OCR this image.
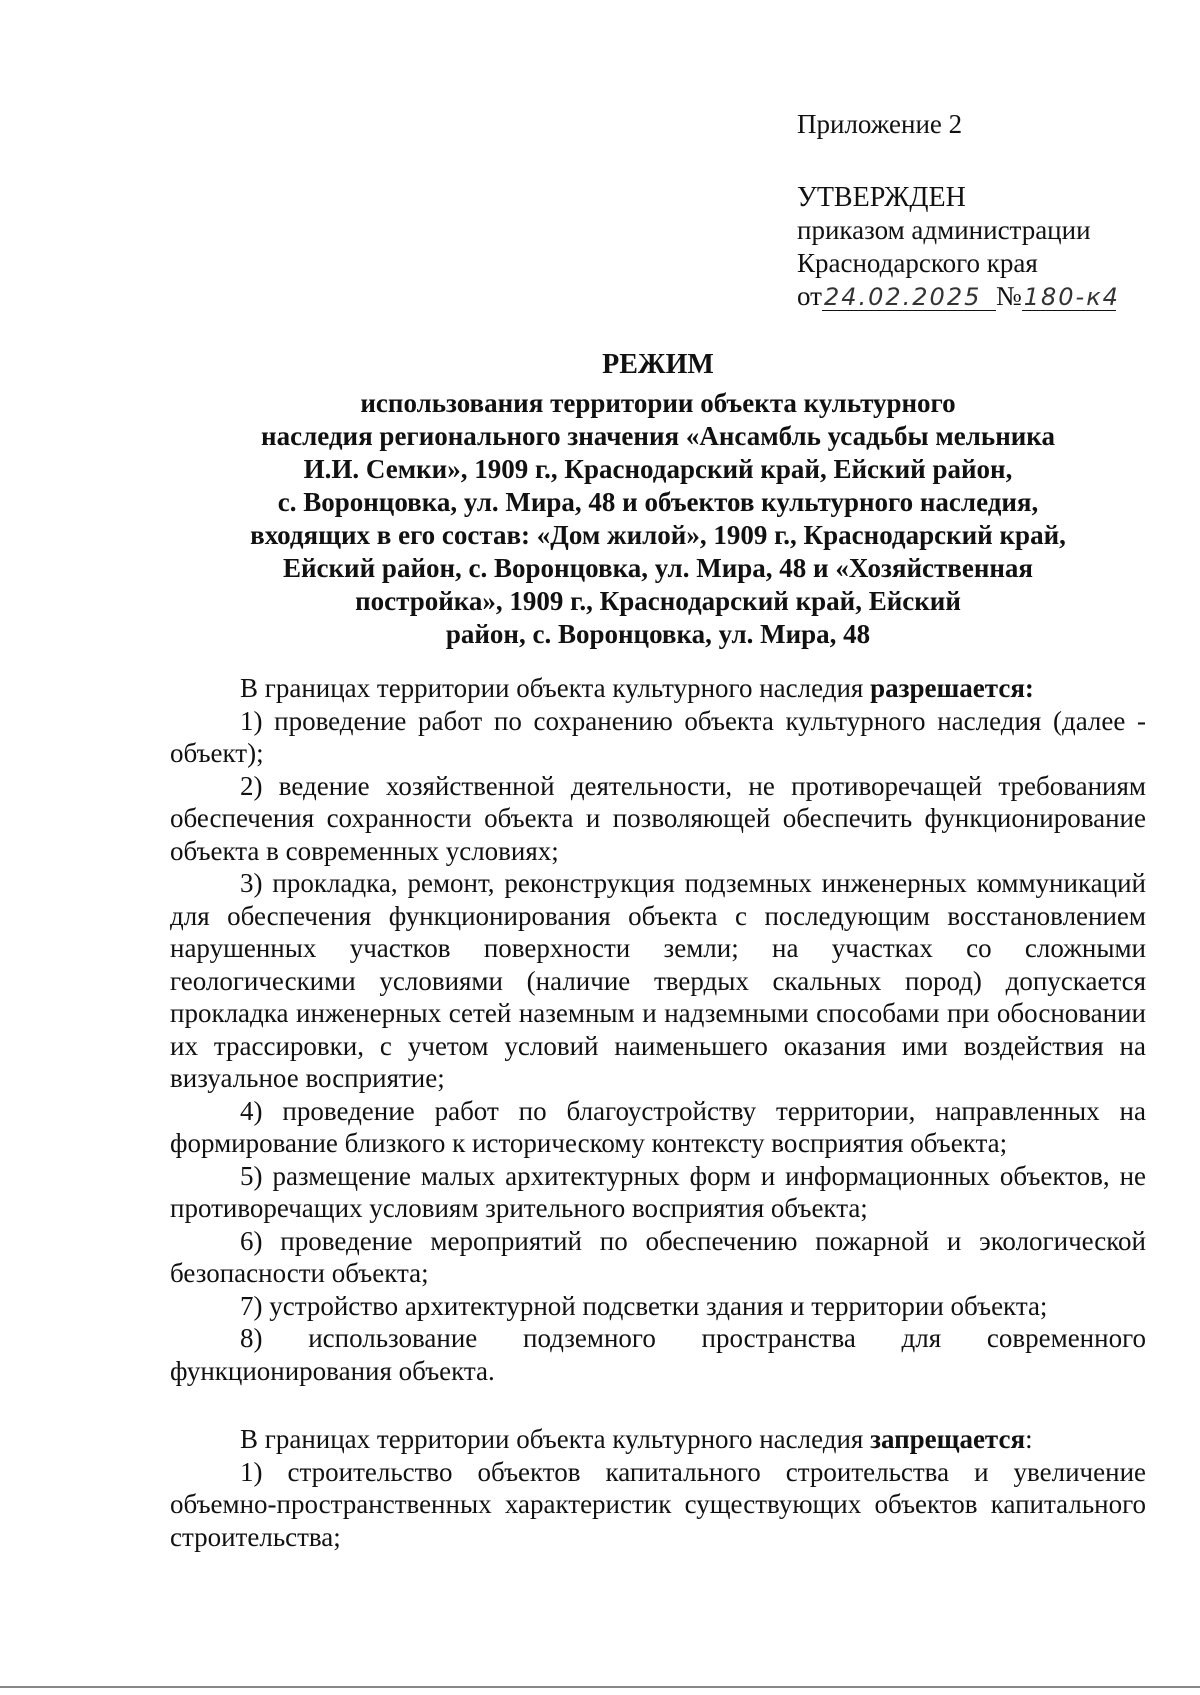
Приложение 2
УТВЕРЖДЕН
приказом администрации
Краснодарского края
от24.02.2025 №180-к4
РЕЖИМ
использования территории объекта культурного
наследия регионального значения «Ансамбль усадьбы мельника
И.И. Семки», 1909 г., Краснодарский край, Ейский район,
с. Воронцовка, ул. Мира, 48 и объектов культурного наследия,
входящих в его состав: «Дом жилой», 1909 г., Краснодарский край,
Ейский район, с. Воронцовка, ул. Мира, 48 и «Хозяйственная
постройка», 1909 г., Краснодарский край, Ейский
район, с. Воронцовка, ул. Мира, 48

В границах территории объекта культурного наследия разрешается:

1) проведение работ по сохранению объекта культурного наследия (далее - объект);

2) ведение хозяйственной деятельности, не противоречащей требованиям обеспечения сохранности объекта и позволяющей обеспечить функционирование объекта в современных условиях;

3) прокладка, ремонт, реконструкция подземных инженерных коммуникаций для обеспечения функционирования объекта с последующим восстановлением нарушенных участков поверхности земли; на участках со сложными геологическими условиями (наличие твердых скальных пород) допускается прокладка инженерных сетей наземным и надземными способами при обосновании их трассировки, с учетом условий наименьшего оказания ими воздействия на визуальное восприятие;

4) проведение работ по благоустройству территории, направленных на формирование близкого к историческому контексту восприятия объекта;

5) размещение малых архитектурных форм и информационных объектов, не противоречащих условиям зрительного восприятия объекта;

6) проведение мероприятий по обеспечению пожарной и экологической безопасности объекта;

7) устройство архитектурной подсветки здания и территории объекта;

8) использование подземного пространства для современного функционирования объекта.

В границах территории объекта культурного наследия запрещается:

1) строительство объектов капитального строительства и увеличение объемно-пространственных характеристик существующих объектов капитального строительства;
